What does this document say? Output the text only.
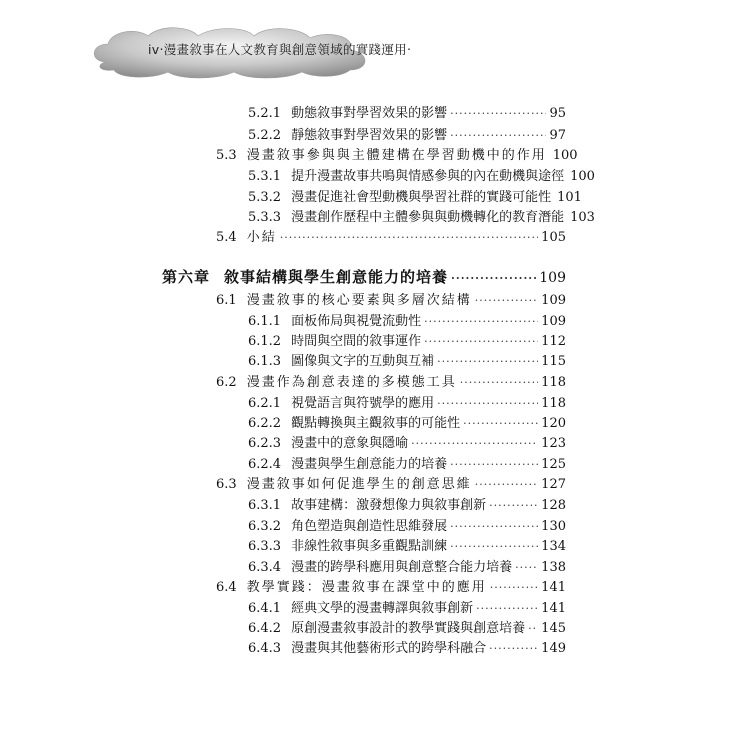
iv‧漫畫敘事在人文教育與創意領域的實踐運用‧
5.2.1 動態敘事對學習效果的影響 ·····	95
5.2.2 靜態敘事對學習效果的影響 ·····	97
5.3 漫畫敘事參與與主體建構在學習動機中的作用 100
5.3.1 提升漫畫故事共鳴與情感參與的內在動機與途徑 100
5.3.2 漫畫促進社會型動機與學習社群的實踐可能性 101
5.3.3 漫畫創作歷程中主體參與與動機轉化的教育潛能 103
5.4 小結 ·····	105
第六章 敘事結構與學生創意能力的培養 ·····	109
6.1 漫畫敘事的核心要素與多層次結構 ·····	109
6.1.1 面板佈局與視覺流動性 ·····	109
6.1.2 時間與空間的敘事運作 ·····	112
6.1.3 圖像與文字的互動與互補 ·····	115
6.2 漫畫作為創意表達的多模態工具 ·····	118
6.2.1 視覺語言與符號學的應用 ·····	118
6.2.2 觀點轉換與主觀敘事的可能性 ·····	120
6.2.3 漫畫中的意象與隱喻 ·····	123
6.2.4 漫畫與學生創意能力的培養 ·····	125
6.3 漫畫敘事如何促進學生的創意思維 ·····	127
6.3.1 故事建構：激發想像力與敘事創新 ·····	128
6.3.2 角色塑造與創造性思維發展 ·····	130
6.3.3 非線性敘事與多重觀點訓練 ·····	134
6.3.4 漫畫的跨學科應用與創意整合能力培養 ····· 138
6.4 教學實踐：漫畫敘事在課堂中的應用 ·····	141
6.4.1 經典文學的漫畫轉譯與敘事創新 ·····	141
6.4.2 原創漫畫敘事設計的教學實踐與創意培養 ····· 145
6.4.3 漫畫與其他藝術形式的跨學科融合 ·····	149
